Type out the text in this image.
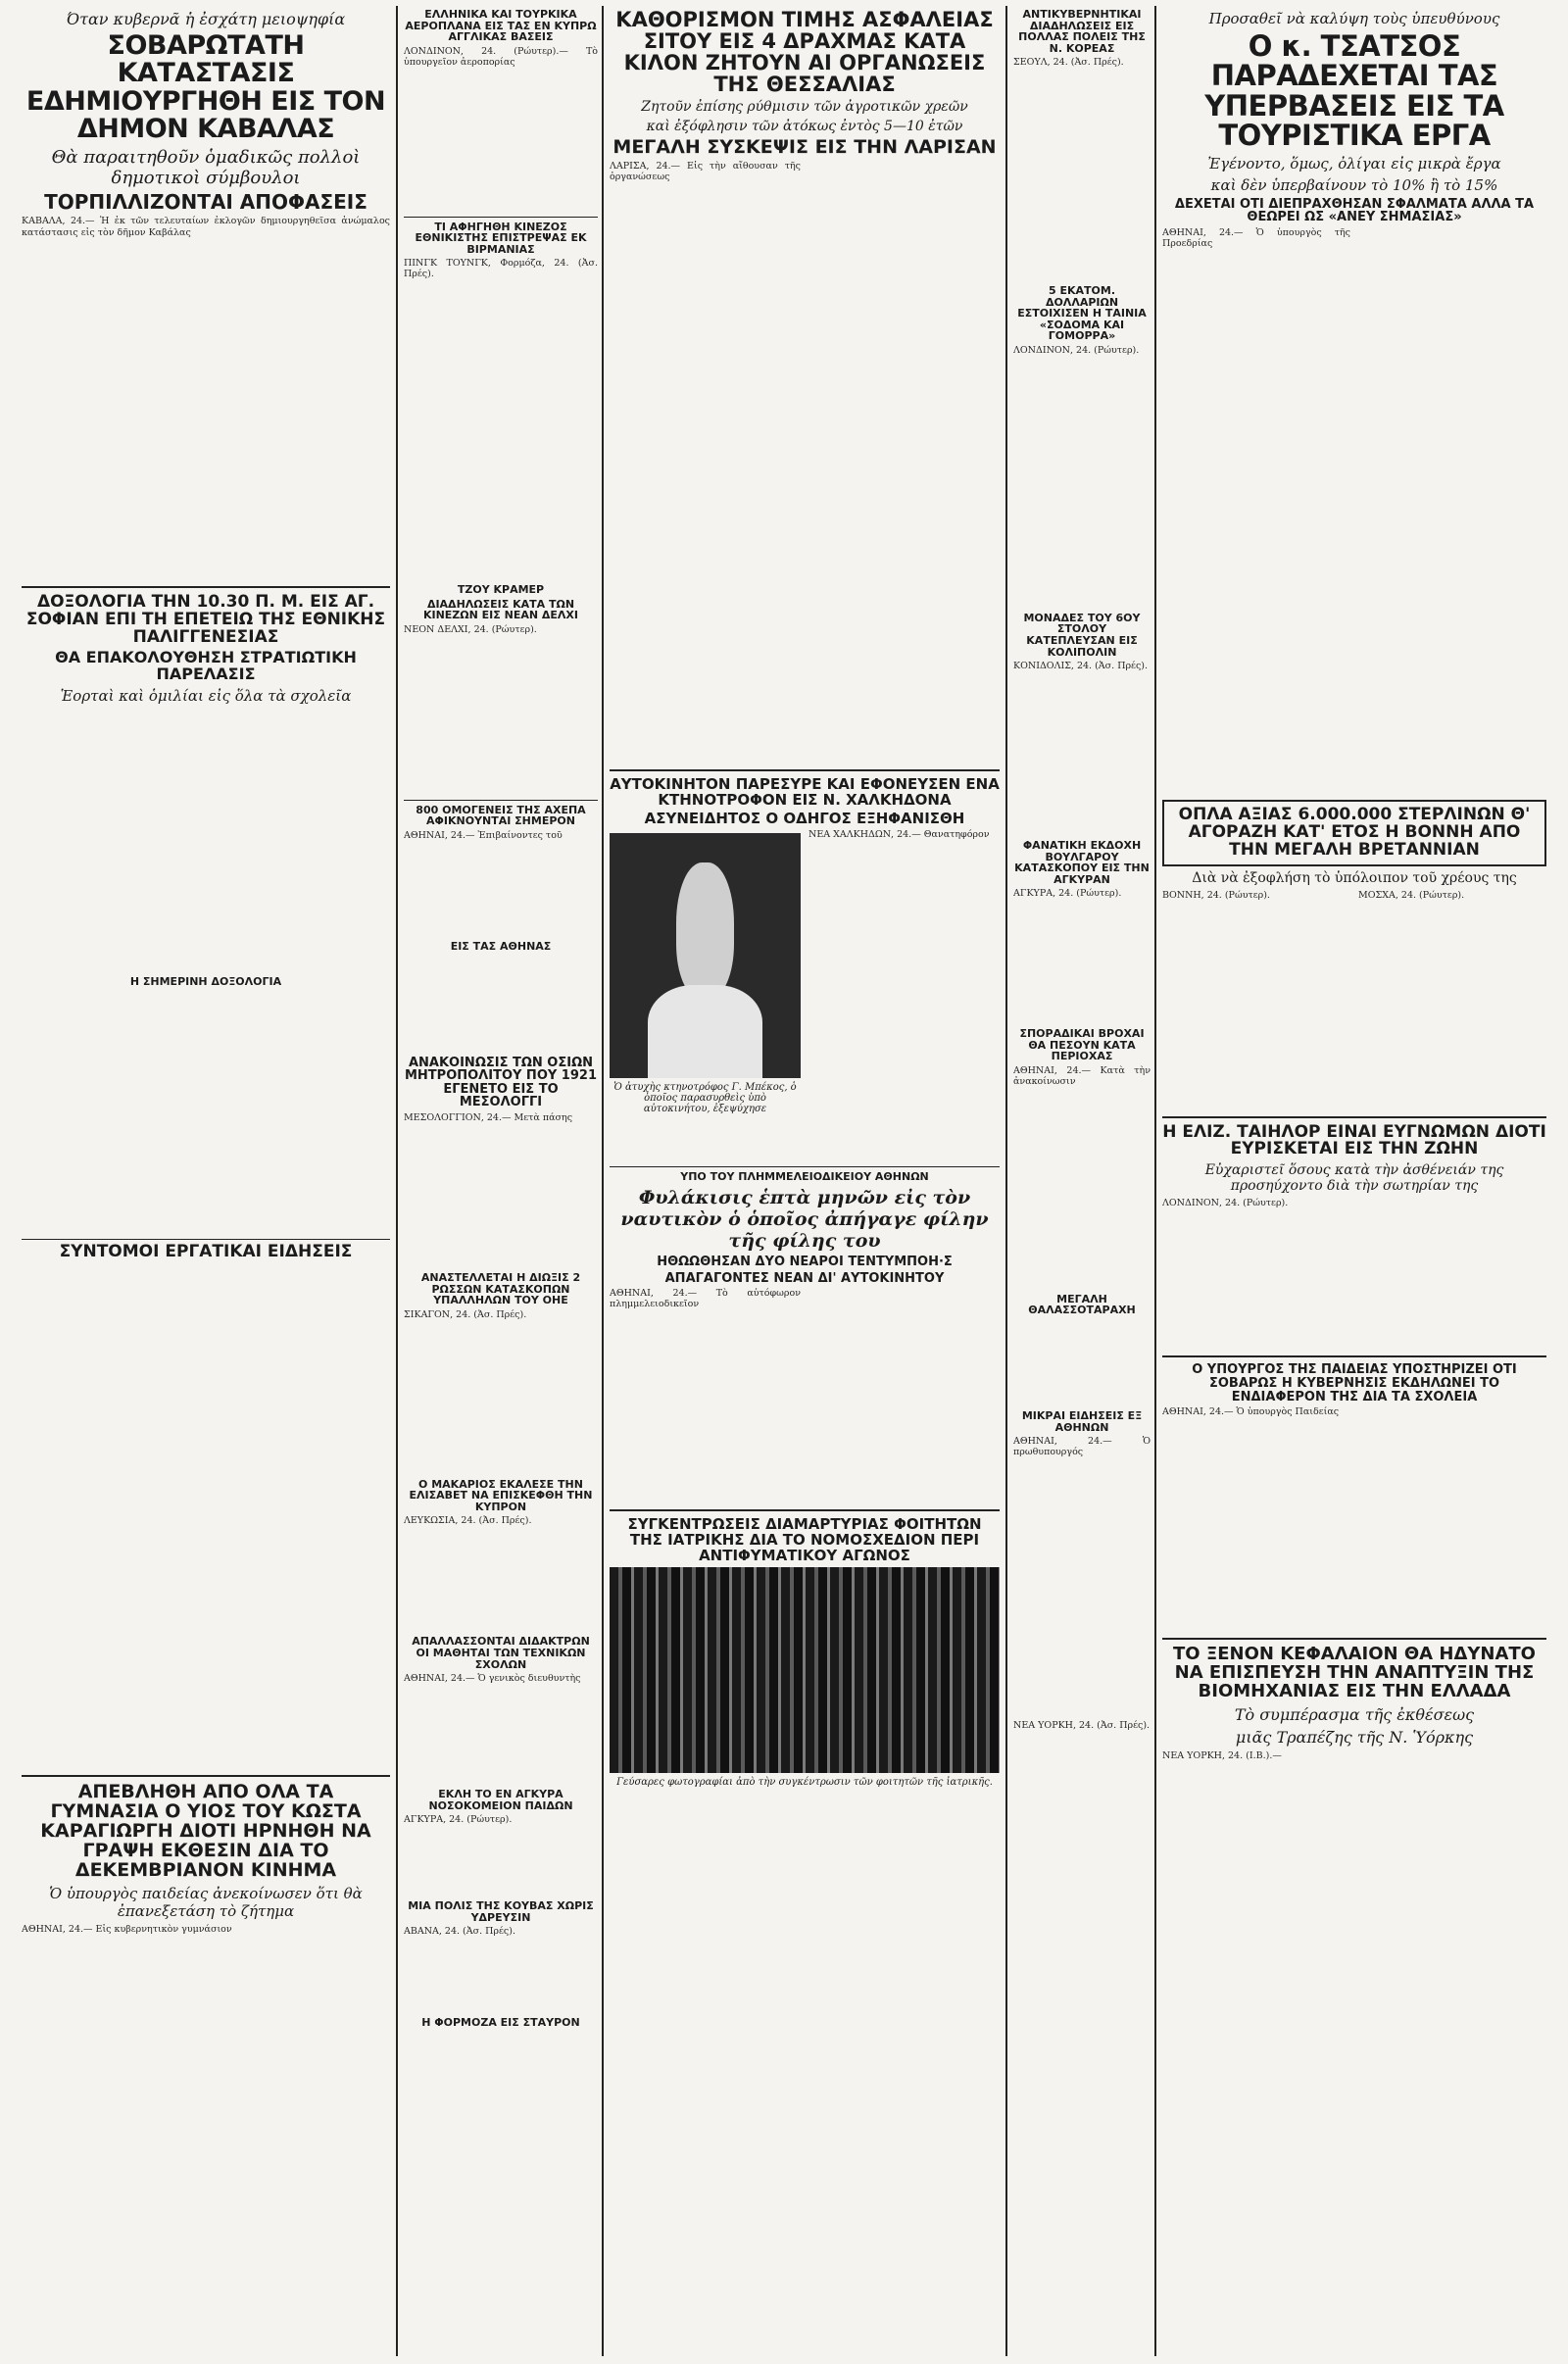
Όταν κυβερνᾶ ἡ ἐσχάτη μειοψηφία
ΣΟΒΑΡΩΤΑΤΗ ΚΑΤΑΣΤΑΣΙΣ ΕΔΗΜΙΟΥΡΓΗΘΗ ΕΙΣ ΤΟΝ ΔΗΜΟΝ ΚΑΒΑΛΑΣ
Θὰ παραιτηθοῦν ὁμαδικῶς πολλοὶ δημοτικοὶ σύμβουλοι
ΤΟΡΠΙΛΛΙΖΟΝΤΑΙ ΑΠΟΦΑΣΕΙΣ

ΚΑΒΑΛΑ, 24.— Ἡ ἐκ τῶν τελευταίων ἐκλογῶν δημιουργηθεῖσα ἀνώμαλος κατάστασις εἰς τὸν δῆμον Καβάλας

ΔΟΞΟΛΟΓΙΑ ΤΗΝ 10.30 Π. Μ. ΕΙΣ ΑΓ. ΣΟΦΙΑΝ ΕΠΙ ΤΗ ΕΠΕΤΕΙΩ ΤΗΣ ΕΘΝΙΚΗΣ ΠΑΛΙΓΓΕΝΕΣΙΑΣ
ΘΑ ΕΠΑΚΟΛΟΥΘΗΣΗ ΣΤΡΑΤΙΩΤΙΚΗ ΠΑΡΕΛΑΣΙΣ
Ἑορταὶ καὶ ὁμιλίαι εἰς ὅλα τὰ σχολεῖα
Η ΣΗΜΕΡΙΝΗ ΔΟΞΟΛΟΓΙΑ
ΣΥΝΤΟΜΟΙ ΕΡΓΑΤΙΚΑΙ ΕΙΔΗΣΕΙΣ
ΑΠΕΒΛΗΘΗ ΑΠΟ ΟΛΑ ΤΑ ΓΥΜΝΑΣΙΑ Ο ΥΙΟΣ ΤΟΥ ΚΩΣΤΑ ΚΑΡΑΓΙΩΡΓΗ ΔΙΟΤΙ ΗΡΝΗΘΗ ΝΑ ΓΡΑΨΗ ΕΚΘΕΣΙΝ ΔΙΑ ΤΟ ΔΕΚΕΜΒΡΙΑΝΟΝ ΚΙΝΗΜΑ
Ὁ ὑπουργὸς παιδείας ἀνεκοίνωσεν ὅτι θὰ ἐπανεξετάση τὸ ζήτημα

ΑΘΗΝΑΙ, 24.— Εἰς κυβερνητικὸν γυμνάσιον

ΕΛΛΗΝΙΚΑ ΚΑΙ ΤΟΥΡΚΙΚΑ ΑΕΡΟΠΛΑΝΑ ΕΙΣ ΤΑΣ ΕΝ ΚΥΠΡΩ ΑΓΓΛΙΚΑΣ ΒΑΣΕΙΣ

ΛΟΝΔΙΝΟΝ, 24. (Ρώυτερ).— Τὸ ὑπουργεῖον ἀεροπορίας

ΤΙ ΑΦΗΓΗΘΗ ΚΙΝΕΖΟΣ ΕΘΝΙΚΙΣΤΗΣ ΕΠΙΣΤΡΕΨΑΣ ΕΚ ΒΙΡΜΑΝΙΑΣ

ΠΙΝΓΚ ΤΟΥΝΓΚ, Φορμόζα, 24. (Ἀσ. Πρές).

ΤΖΟΥ ΚΡΑΜΕΡ
ΔΙΑΔΗΛΩΣΕΙΣ ΚΑΤΑ ΤΩΝ ΚΙΝΕΖΩΝ ΕΙΣ ΝΕΑΝ ΔΕΛΧΙ

ΝΕΟΝ ΔΕΛΧΙ, 24. (Ρώυτερ).

800 ΟΜΟΓΕΝΕΙΣ ΤΗΣ ΑΧΕΠΑ ΑΦΙΚΝΟΥΝΤΑΙ ΣΗΜΕΡΟΝ

ΑΘΗΝΑΙ, 24.— Ἐπιβαίνοντες τοῦ

ΕΙΣ ΤΑΣ ΑΘΗΝΑΣ

ΑΝΑΚΟΙΝΩΣΙΣ ΤΩΝ ΟΣΙΩΝ ΜΗΤΡΟΠΟΛΙΤΟΥ ΠΟΥ 1921 ΕΓΕΝΕΤΟ ΕΙΣ ΤΟ ΜΕΣΟΛΟΓΓΙ

ΜΕΣΟΛΟΓΓΙΟΝ, 24.— Μετὰ πάσης

ΑΝΑΣΤΕΛΛΕΤΑΙ Η ΔΙΩΞΙΣ 2 ΡΩΣΣΩΝ ΚΑΤΑΣΚΟΠΩΝ ΥΠΑΛΛΗΛΩΝ ΤΟΥ ΟΗΕ

ΣΙΚΑΓΟΝ, 24. (Ἀσ. Πρές).

Ο ΜΑΚΑΡΙΟΣ ΕΚΑΛΕΣΕ ΤΗΝ ΕΛΙΣΑΒΕΤ ΝΑ ΕΠΙΣΚΕΦΘΗ ΤΗΝ ΚΥΠΡΟΝ

ΛΕΥΚΩΣΙΑ, 24. (Ἀσ. Πρές).

ΑΠΑΛΛΑΣΣΟΝΤΑΙ ΔΙΔΑΚΤΡΩΝ ΟΙ ΜΑΘΗΤΑΙ ΤΩΝ ΤΕΧΝΙΚΩΝ ΣΧΟΛΩΝ

ΑΘΗΝΑΙ, 24.— Ὁ γενικὸς διευθυντὴς

ΕΚΛΗ ΤΟ ΕΝ ΑΓΚΥΡΑ ΝΟΣΟΚΟΜΕΙΟΝ ΠΑΙΔΩΝ

ΑΓΚΥΡΑ, 24. (Ρώυτερ).

ΜΙΑ ΠΟΛΙΣ ΤΗΣ ΚΟΥΒΑΣ ΧΩΡΙΣ ΥΔΡΕΥΣΙΝ

ΑΒΑΝΑ, 24. (Ἀσ. Πρές).

Η ΦΟΡΜΟΖΑ ΕΙΣ ΣΤΑΥΡΟΝ
ΚΑΘΟΡΙΣΜΟΝ ΤΙΜΗΣ ΑΣΦΑΛΕΙΑΣ ΣΙΤΟΥ ΕΙΣ 4 ΔΡΑΧΜΑΣ ΚΑΤΑ ΚΙΛΟΝ ΖΗΤΟΥΝ ΑΙ ΟΡΓΑΝΩΣΕΙΣ ΤΗΣ ΘΕΣΣΑΛΙΑΣ
Ζητοῦν ἐπίσης ρύθμισιν τῶν ἀγροτικῶν χρεῶν
καὶ ἐξόφλησιν τῶν ἀτόκως ἐντὸς 5—10 ἐτῶν
ΜΕΓΑΛΗ ΣΥΣΚΕΨΙΣ ΕΙΣ ΤΗΝ ΛΑΡΙΣΑΝ
ΛΑΡΙΣΑ, 24.— Εἰς τὴν αἴθουσαν τῆς ὀργανώσεως
ΑΥΤΟΚΙΝΗΤΟΝ ΠΑΡΕΣΥΡΕ ΚΑΙ ΕΦΟΝΕΥΣΕΝ ΕΝΑ ΚΤΗΝΟΤΡΟΦΟΝ ΕΙΣ Ν. ΧΑΛΚΗΔΟΝΑ
ΑΣΥΝΕΙΔΗΤΟΣ Ο ΟΔΗΓΟΣ ΕΞΗΦΑΝΙΣΘΗ
Ὁ ἀτυχὴς κτηνοτρόφος Γ. Μπέκος, ὁ ὁποῖος παρασυρθεὶς ὑπὸ αὐτοκινήτου, ἐξεψύχησε
ΝΕΑ ΧΑΛΚΗΔΩΝ, 24.— Θανατηφόρον
ΥΠΟ ΤΟΥ ΠΛΗΜΜΕΛΕΙΟΔΙΚΕΙΟΥ ΑΘΗΝΩΝ
Φυλάκισις ἑπτὰ μηνῶν εἰς τὸν ναυτικὸν ὁ ὁποῖος ἀπήγαγε φίλην τῆς φίλης του
ΗΘΩΩΘΗΣΑΝ ΔΥΟ ΝΕΑΡΟΙ ΤΕΝΤΥΜΠΟΗ·Σ
ΑΠΑΓΑΓΟΝΤΕΣ ΝΕΑΝ ΔΙ' ΑΥΤΟΚΙΝΗΤΟΥ
ΑΘΗΝΑΙ, 24.— Τὸ αὐτόφωρον πλημμελειοδικεῖον
ΣΥΓΚΕΝΤΡΩΣΕΙΣ ΔΙΑΜΑΡΤΥΡΙΑΣ ΦΟΙΤΗΤΩΝ ΤΗΣ ΙΑΤΡΙΚΗΣ ΔΙΑ ΤΟ ΝΟΜΟΣΧΕΔΙΟΝ ΠΕΡΙ ΑΝΤΙΦΥΜΑΤΙΚΟΥ ΑΓΩΝΟΣ
Γεύσαρες φωτογραφίαι ἀπὸ τὴν συγκέντρωσιν τῶν φοιτητῶν τῆς ἰατρικῆς.
ΑΝΤΙΚΥΒΕΡΝΗΤΙΚΑΙ ΔΙΑΔΗΛΩΣΕΙΣ ΕΙΣ ΠΟΛΛΑΣ ΠΟΛΕΙΣ ΤΗΣ Ν. ΚΟΡΕΑΣ

ΣΕΟΥΛ, 24. (Ἀσ. Πρές).

5 ΕΚΑΤΟΜ. ΔΟΛΛΑΡΙΩΝ ΕΣΤΟΙΧΙΣΕΝ Η ΤΑΙΝΙΑ «ΣΟΔΟΜΑ ΚΑΙ ΓΟΜΟΡΡΑ»

ΛΟΝΔΙΝΟΝ, 24. (Ρώυτερ).

ΜΟΝΑΔΕΣ ΤΟΥ 6ΟΥ ΣΤΟΛΟΥ ΚΑΤΕΠΛΕΥΣΑΝ ΕΙΣ ΚΟΛΙΠΟΛΙΝ

ΚΟΝΙΔΟΛΙΣ, 24. (Ἀσ. Πρές).

ΦΑΝΑΤΙΚΗ ΕΚΔΟΧΗ ΒΟΥΛΓΑΡΟΥ ΚΑΤΑΣΚΟΠΟΥ ΕΙΣ ΤΗΝ ΑΓΚΥΡΑΝ

ΑΓΚΥΡΑ, 24. (Ρώυτερ).

ΣΠΟΡΑΔΙΚΑΙ ΒΡΟΧΑΙ ΘΑ ΠΕΣΟΥΝ ΚΑΤΑ ΠΕΡΙΟΧΑΣ

ΑΘΗΝΑΙ, 24.— Κατὰ τὴν ἀνακοίνωσιν

ΜΕΓΑΛΗ ΘΑΛΑΣΣΟΤΑΡΑΧΗ

ΜΙΚΡΑΙ ΕΙΔΗΣΕΙΣ ΕΞ ΑΘΗΝΩΝ

ΑΘΗΝΑΙ, 24.— Ὁ πρωθυπουργός

ΝΕΑ ΥΟΡΚΗ, 24. (Ἀσ. Πρές).

Προσαθεῖ νὰ καλύψη τοὺς ὑπευθύνους
Ο κ. ΤΣΑΤΣΟΣ ΠΑΡΑΔΕΧΕΤΑΙ ΤΑΣ ΥΠΕΡΒΑΣΕΙΣ ΕΙΣ ΤΑ ΤΟΥΡΙΣΤΙΚΑ ΕΡΓΑ
Ἐγένοντο, ὅμως, ὀλίγαι εἰς μικρὰ ἔργα
καὶ δὲν ὑπερβαίνουν τὸ 10% ἢ τὸ 15%
ΔΕΧΕΤΑΙ ΟΤΙ ΔΙΕΠΡΑΧΘΗΣΑΝ ΣΦΑΛΜΑΤΑ ΑΛΛΑ ΤΑ ΘΕΩΡΕΙ ΩΣ «ΑΝΕΥ ΣΗΜΑΣΙΑΣ»
ΑΘΗΝΑΙ, 24.— Ὁ ὑπουργὸς τῆς Προεδρίας
ΟΠΛΑ ΑΞΙΑΣ 6.000.000 ΣΤΕΡΛΙΝΩΝ Θ' ΑΓΟΡΑΖΗ ΚΑΤ' ΕΤΟΣ Η ΒΟΝΝΗ ΑΠΟ ΤΗΝ ΜΕΓΑΛΗ ΒΡΕΤΑΝΝΙΑΝ
Διὰ νὰ ἐξοφλήση τὸ ὑπόλοιπον τοῦ χρέους της
ΒΟΝΝΗ, 24. (Ρώυτερ).	ΜΟΣΧΑ, 24. (Ρώυτερ).
Η ΕΛΙΖ. ΤΑΙΗΛΟΡ ΕΙΝΑΙ ΕΥΓΝΩΜΩΝ ΔΙΟΤΙ ΕΥΡΙΣΚΕΤΑΙ ΕΙΣ ΤΗΝ ΖΩΗΝ
Εὐχαριστεῖ ὅσους κατὰ τὴν ἀσθένειάν της προσηύχοντο διὰ τὴν σωτηρίαν της
ΛΟΝΔΙΝΟΝ, 24. (Ρώυτερ).
Ο ΥΠΟΥΡΓΟΣ ΤΗΣ ΠΑΙΔΕΙΑΣ ΥΠΟΣΤΗΡΙΖΕΙ ΟΤΙ ΣΟΒΑΡΩΣ Η ΚΥΒΕΡΝΗΣΙΣ ΕΚΔΗΛΩΝΕΙ ΤΟ ΕΝΔΙΑΦΕΡΟΝ ΤΗΣ ΔΙΑ ΤΑ ΣΧΟΛΕΙΑ
ΑΘΗΝΑΙ, 24.— Ὁ ὑπουργὸς Παιδείας
ΤΟ ΞΕΝΟΝ ΚΕΦΑΛΑΙΟΝ ΘΑ ΗΔΥΝΑΤΟ ΝΑ ΕΠΙΣΠΕΥΣΗ ΤΗΝ ΑΝΑΠΤΥΞΙΝ ΤΗΣ ΒΙΟΜΗΧΑΝΙΑΣ ΕΙΣ ΤΗΝ ΕΛΛΑΔΑ
Τὸ συμπέρασμα τῆς ἐκθέσεως
μιᾶς Τραπέζης τῆς Ν. Ὑόρκης
ΝΕΑ ΥΟΡΚΗ, 24. (Ι.Β.).—
